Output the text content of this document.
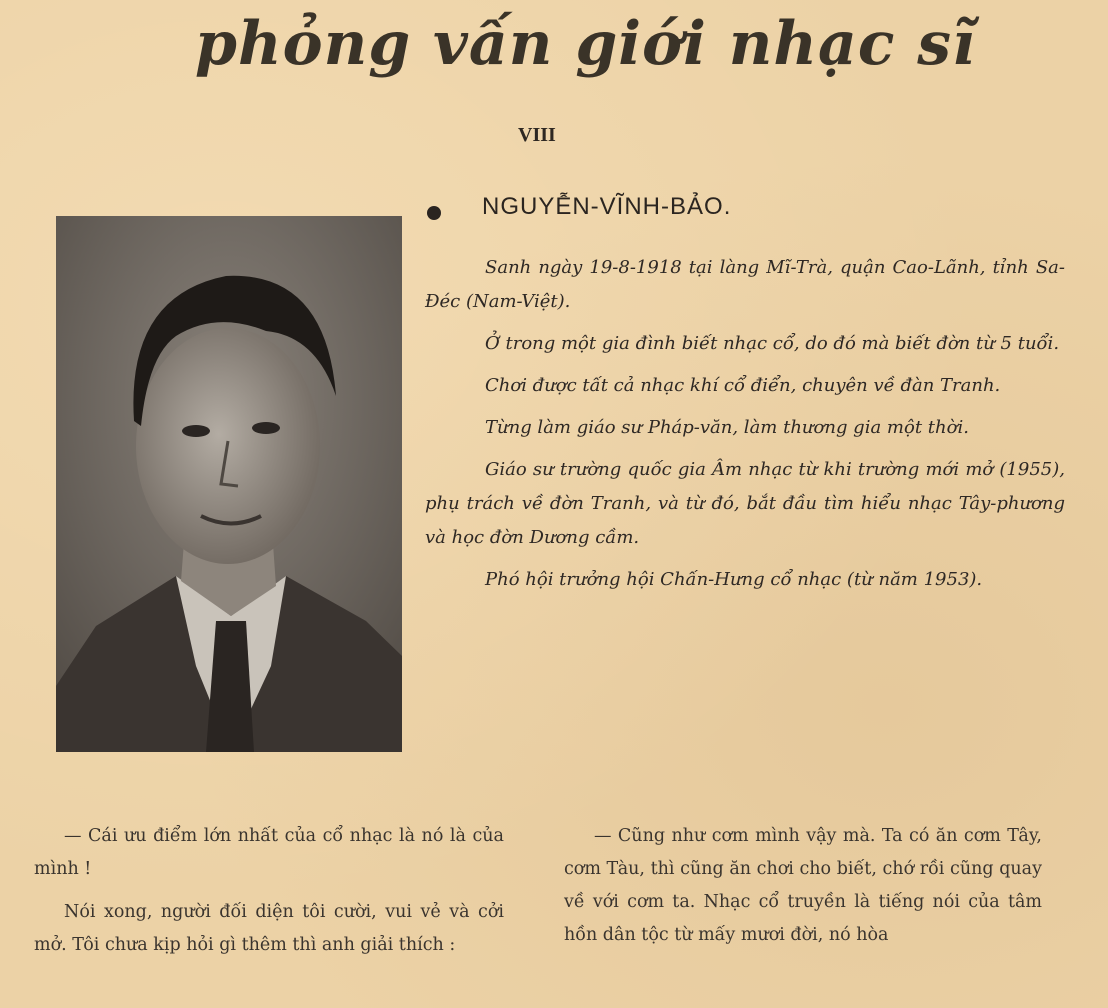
phỏng vấn giới nhạc sĩ
VIII
NGUYỄN-VĨNH-BẢO.

Sanh ngày 19-8-1918 tại làng Mĩ-Trà, quận Cao-Lãnh, tỉnh Sa-Đéc (Nam-Việt).

Ở trong một gia đình biết nhạc cổ, do đó mà biết đờn từ 5 tuổi.

Chơi được tất cả nhạc khí cổ điển, chuyên về đàn Tranh.

Từng làm giáo sư Pháp-văn, làm thương gia một thời.

Giáo sư trường quốc gia Âm nhạc từ khi trường mới mở (1955), phụ trách về đờn Tranh, và từ đó, bắt đầu tìm hiểu nhạc Tây-phương và học đờn Dương cầm.

Phó hội trưởng hội Chấn-Hưng cổ nhạc (từ năm 1953).

— Cái ưu điểm lớn nhất của cổ nhạc là nó là của mình !

Nói xong, người đối diện tôi cười, vui vẻ và cởi mở. Tôi chưa kịp hỏi gì thêm thì anh giải thích :

— Cũng như cơm mình vậy mà. Ta có ăn cơm Tây, cơm Tàu, thì cũng ăn chơi cho biết, chớ rồi cũng quay về với cơm ta. Nhạc cổ truyền là tiếng nói của tâm hồn dân tộc từ mấy mươi đời, nó hòa
